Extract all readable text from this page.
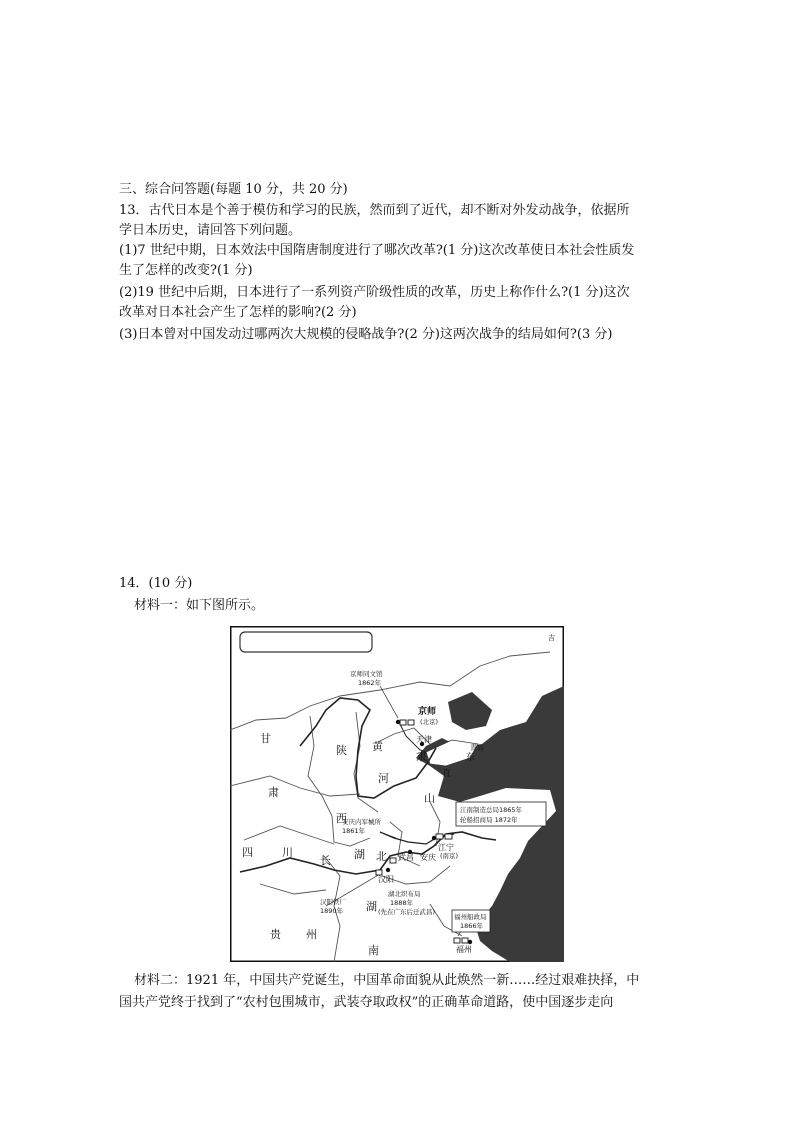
三、综合问答题(每题 10 分，共 20 分)
13．古代日本是个善于模仿和学习的民族，然而到了近代，却不断对外发动战争，依据所
学日本历史，请回答下列问题。
(1)7 世纪中期，日本效法中国隋唐制度进行了哪次改革?(1 分)这次改革使日本社会性质发
生了怎样的改变?(1 分)
(2)19 世纪中后期，日本进行了一系列资产阶级性质的改革，历史上称作什么?(1 分)这次
改革对日本社会产生了怎样的影响?(2 分)
(3)日本曾对中国发动过哪两次大规模的侵略战争?(2 分)这两次战争的结局如何?(3 分)
14．(10 分)
材料一：如下图所示。
甘
肃
陕
西
黄
河
隶
山
四	川
长 湖 北
湖
南
贵 州
京师
(北京)
天津
江宁
(南京)
安庆
汉阳
武昌
福州
上
直
东
青岛
吉
京师同文馆
1862年
江南制造总局1865年
轮船招商局 1872年
安庆内军械所
1861年
汉阳铁厂
1890年
湖北织布局
1888年
(先在广东后迁武昌)
福州船政局
1866年
材料二：1921 年，中国共产党诞生，中国革命面貌从此焕然一新……经过艰难抉择，中
国共产党终于找到了“农村包围城市，武装夺取政权”的正确革命道路，使中国逐步走向
